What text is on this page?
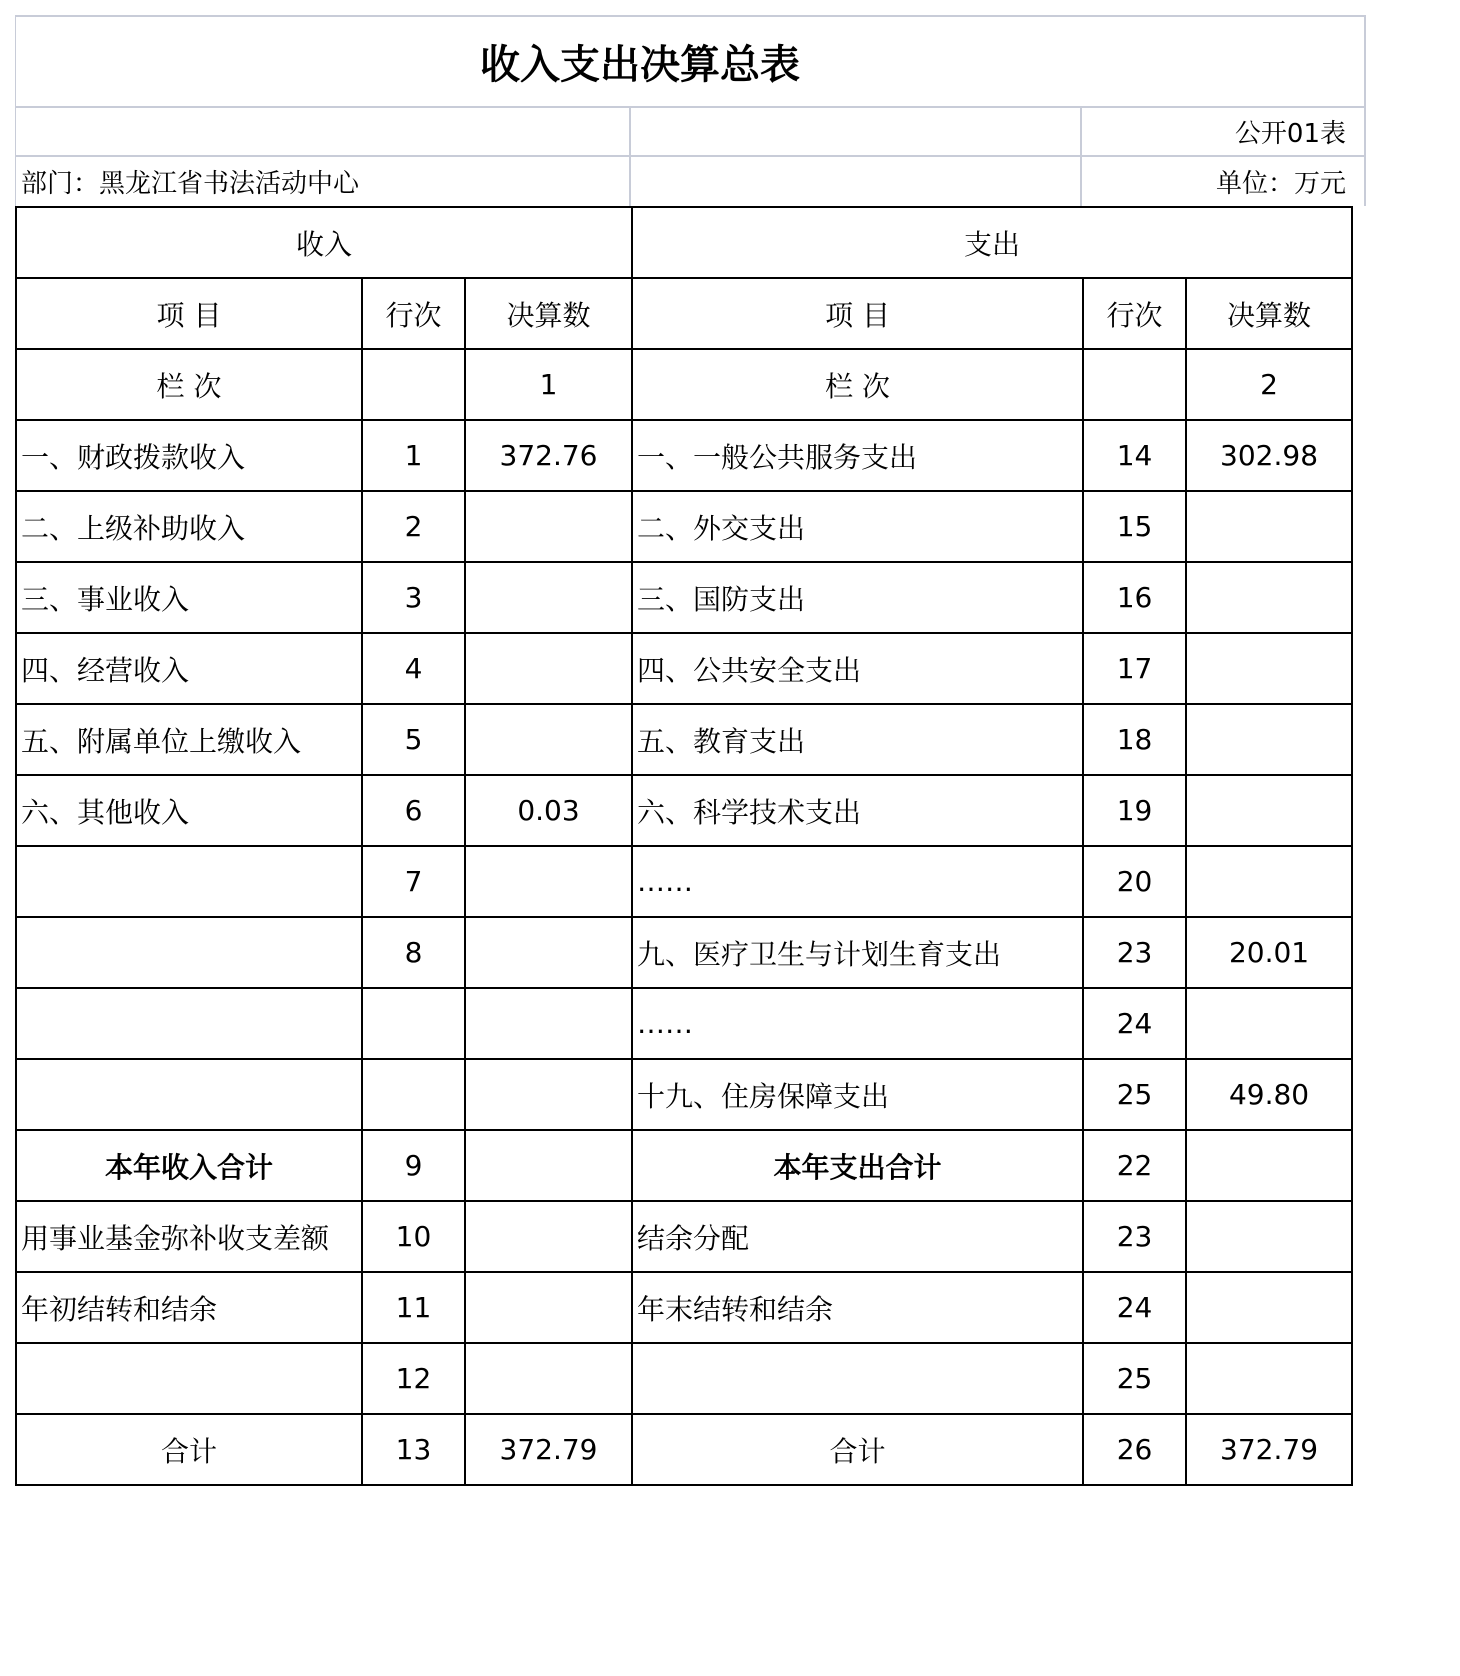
收入支出决算总表
公开01表
部门：黑龙江省书法活动中心	单位：万元
收入			支出		
项 目	行次	决算数	项 目	行次	决算数
栏 次		1	栏 次		2
一、财政拨款收入	1	372.76	一、一般公共服务支出	14	302.98
二、上级补助收入	2		二、外交支出	15	
三、事业收入	3		三、国防支出	16	
四、经营收入	4		四、公共安全支出	17	
五、附属单位上缴收入	5		五、教育支出	18	
六、其他收入	6	0.03	六、科学技术支出	19	
	7		……	20	
	8		九、医疗卫生与计划生育支出	23	20.01
			……	24	
			十九、住房保障支出	25	49.80
本年收入合计	9		本年支出合计	22	
用事业基金弥补收支差额	10		结余分配	23	
年初结转和结余	11		年末结转和结余	24	
	12			25	
合计	13	372.79	合计	26	372.79
